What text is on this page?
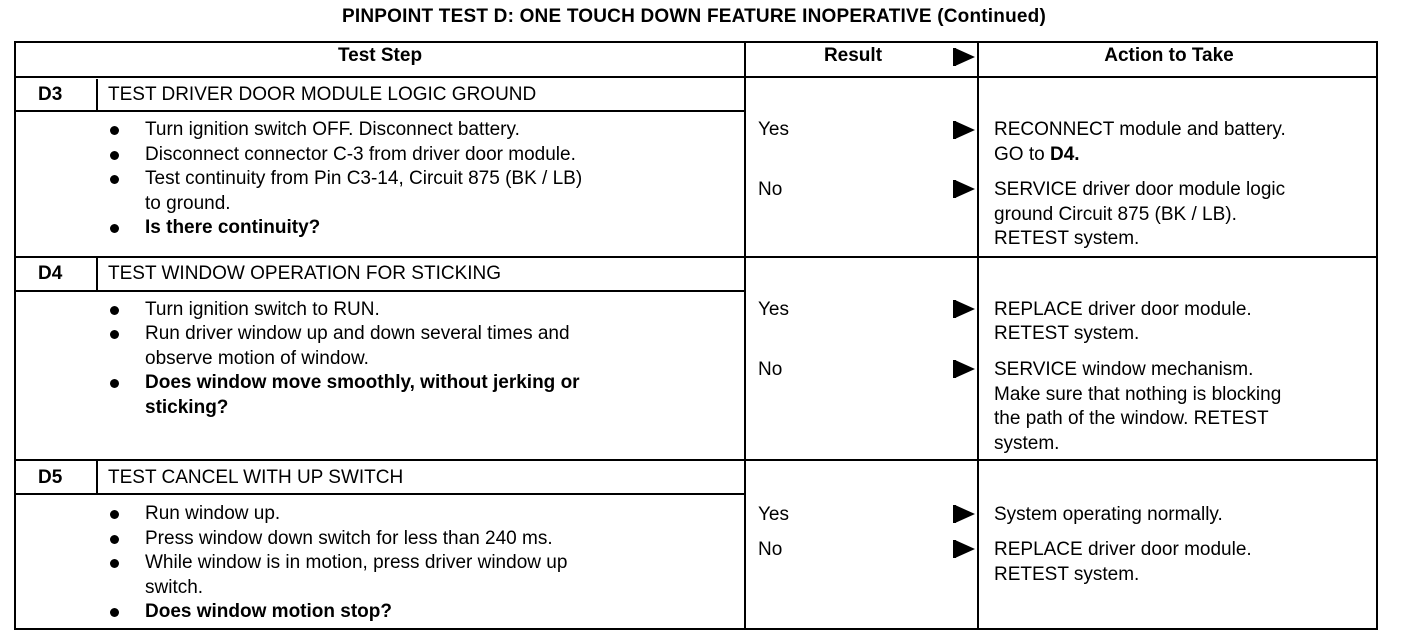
PINPOINT TEST D: ONE TOUCH DOWN FEATURE INOPERATIVE (Continued)
Test Step	Result	Action to Take
D3 TEST DRIVER DOOR MODULE LOGIC GROUND
Turn ignition switch OFF. Disconnect battery.
Disconnect connector C-3 from driver door module.
Test continuity from Pin C3-14, Circuit 875 (BK / LB)
to ground.
Is there continuity?
Yes	RECONNECT module and battery.
GO to D4.
No	SERVICE driver door module logic
ground Circuit 875 (BK / LB).
RETEST system.
D4 TEST WINDOW OPERATION FOR STICKING
Turn ignition switch to RUN.
Run driver window up and down several times and
observe motion of window.
Does window move smoothly, without jerking or
sticking?
Yes	REPLACE driver door module.
RETEST system.
No	SERVICE window mechanism.
Make sure that nothing is blocking
the path of the window. RETEST
system.
D5 TEST CANCEL WITH UP SWITCH
Run window up.
Press window down switch for less than 240 ms.
While window is in motion, press driver window up
switch.
Does window motion stop?
Yes	System operating normally.
No	REPLACE driver door module.
RETEST system.
